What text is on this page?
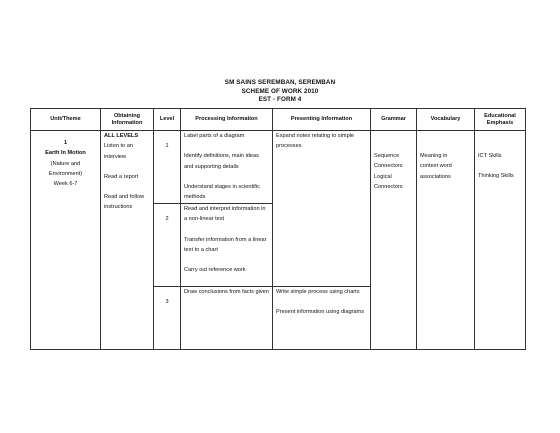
SM SAINS SEREMBAN, SEREMBAN
SCHEME OF WORK 2010
EST - FORM 4
Unit/Theme	Obtaining Information	Level	Processing Information	Presenting Information	Grammar	Vocabulary	Educational Emphasis

1
Earth In Motion
(Nature and
Environment)
Week 6-7	ALL LEVELS
Listen to an interview
Read a report
Read and follow instructions	1	Label parts of a diagram
Identify definitions, main ideas and supporting details
Understand stages in scientific methods	Expand notes relating to simple processes	Sequence
Connectors
Logical
Connectors	Meaning in
context word
associations	ICT Skills
Thinking Skills

		2	Read and interpret information in a non-linear text
Transfer information from a linear text to a chart
Carry out reference work				

		3	Draw conclusions from facts given	Write simple process using charts
Present information using diagrams			
